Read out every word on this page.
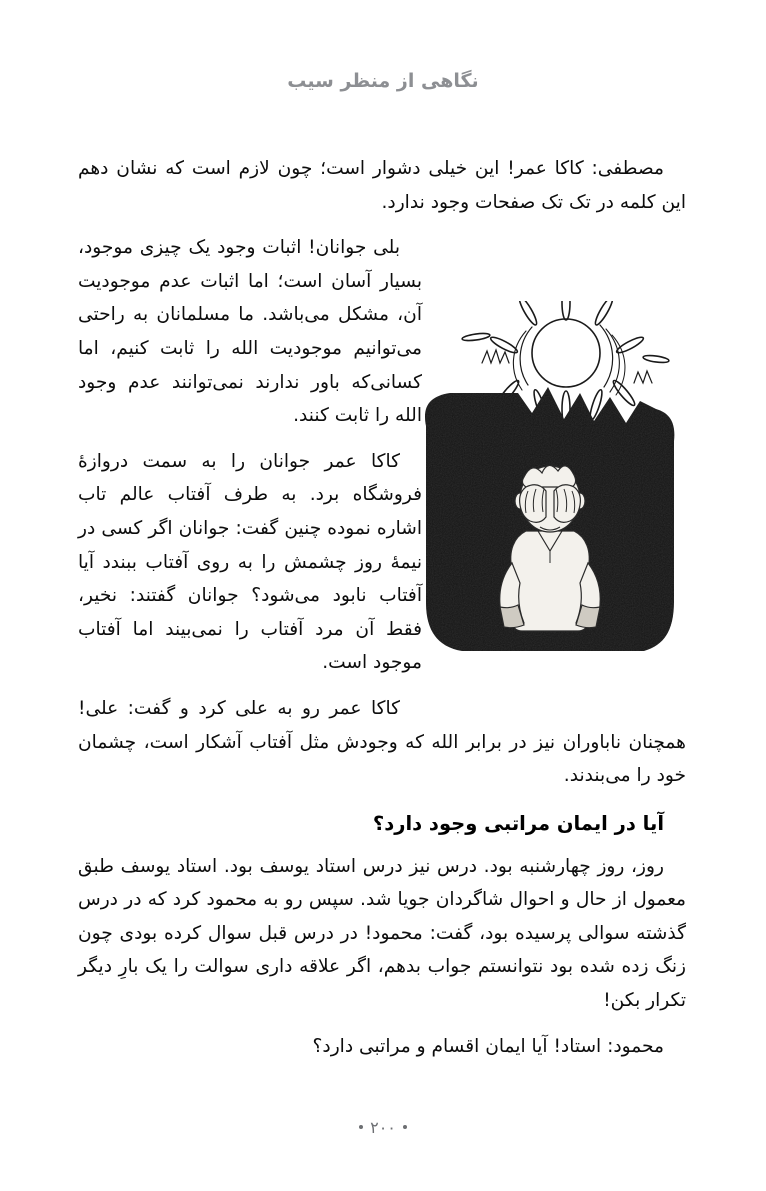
نگاهی از منظر سیب

مصطفی: کاکا عمر! این خیلی دشوار است؛ چون لازم است که نشان دهم این کلمه در تک تک صفحات وجود ندارد.

بلی جوانان! اثبات وجود یک چیزی موجود، بسیار آسان است؛ اما اثبات عدم موجودیت آن، مشکل می‌باشد. ما مسلمانان به راحتی می‌توانیم موجودیت الله را ثابت کنیم، اما کسانی‌که باور ندارند نمی‌توانند عدم وجود الله را ثابت کنند.

کاکا عمر جوانان را به سمت دروازهٔ فروشگاه برد. به طرف آفتاب عالم تاب اشاره نموده چنین گفت: جوانان اگر کسی در نیمهٔ روز چشمش را به روی آفتاب ببندد آیا آفتاب نابود می‌شود؟ جوانان گفتند: نخیر، فقط آن مرد آفتاب را نمی‌بیند اما آفتاب موجود است.

کاکا عمر رو به علی کرد و گفت: علی! همچنان ناباوران نیز در برابر الله که وجودش مثل آفتاب آشکار است، چشمان خود را می‌بندند.

آیا در ایمان مراتبی وجود دارد؟

روز، روز چهارشنبه بود. درس نیز درس استاد یوسف بود. استاد یوسف طبق معمول از حال و احوال شاگردان جویا شد. سپس رو به محمود کرد که در درس گذشته سوالی پرسیده بود، گفت: محمود! در درس قبل سوال کرده بودی چون زنگ زده شده بود نتوانستم جواب بدهم، اگر علاقه داری سوالت را یک بارِ دیگر تکرار بکن!

محمود: استاد! آیا ایمان اقسام و مراتبی دارد؟

۲۰۰
